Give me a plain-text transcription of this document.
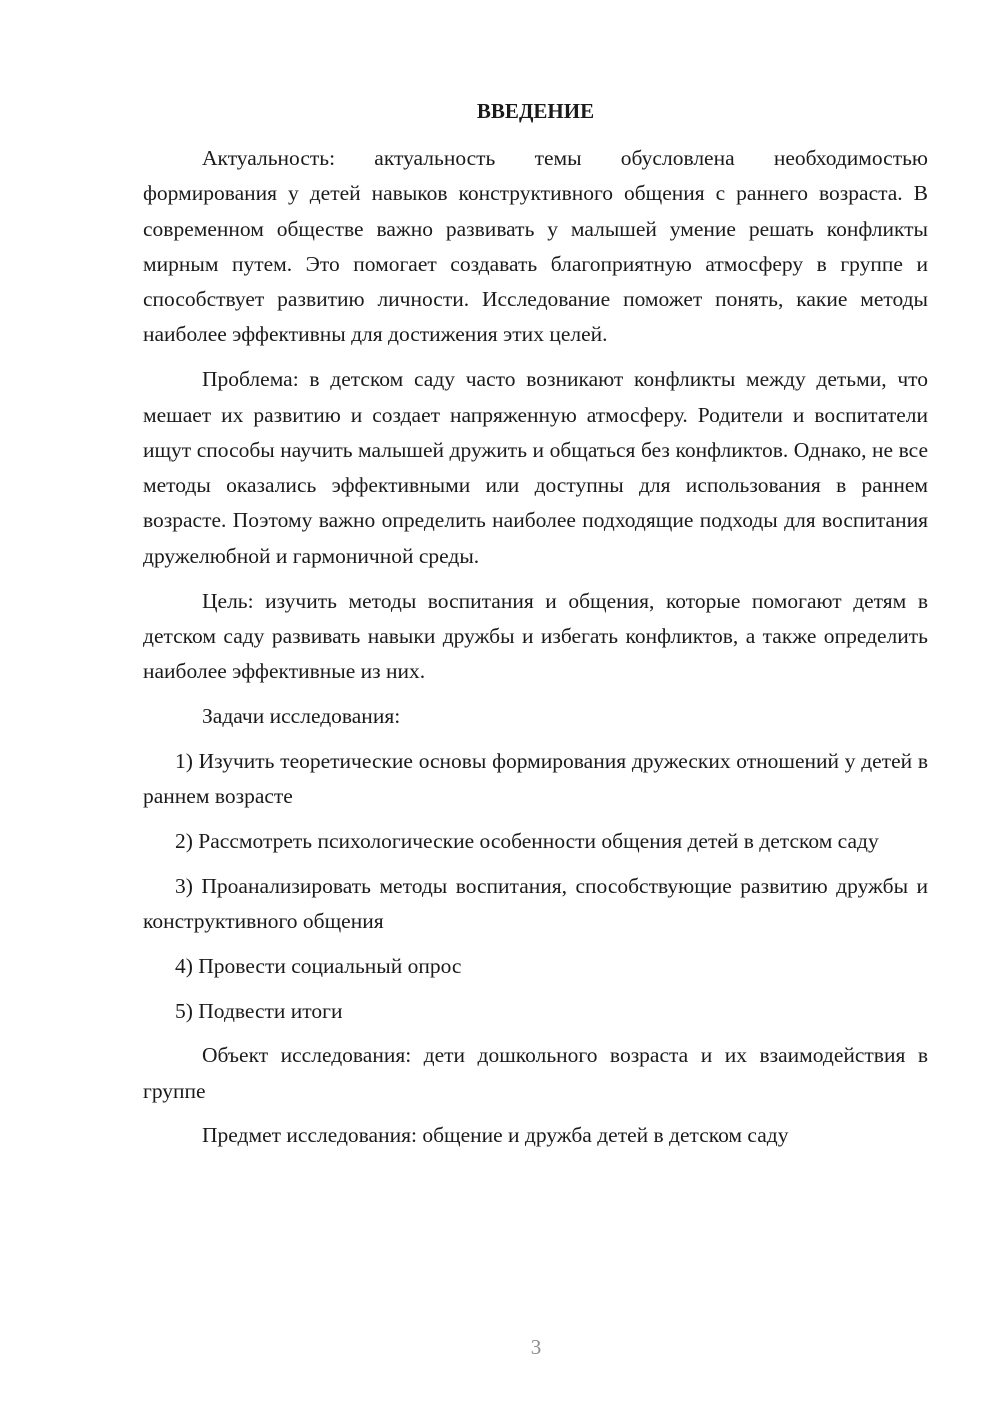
ВВЕДЕНИЕ

Актуальность: актуальность темы обусловлена необходимостью формирования у детей навыков конструктивного общения с раннего возраста. В современном обществе важно развивать у малышей умение решать конфликты мирным путем. Это помогает создавать благоприятную атмосферу в группе и способствует развитию личности. Исследование поможет понять, какие методы наиболее эффективны для достижения этих целей.

Проблема: в детском саду часто возникают конфликты между детьми, что мешает их развитию и создает напряженную атмосферу. Родители и воспитатели ищут способы научить малышей дружить и общаться без конфликтов. Однако, не все методы оказались эффективными или доступны для использования в раннем возрасте. Поэтому важно определить наиболее подходящие подходы для воспитания дружелюбной и гармоничной среды.

Цель: изучить методы воспитания и общения, которые помогают детям в детском саду развивать навыки дружбы и избегать конфликтов, а также определить наиболее эффективные из них.

Задачи исследования:

1) Изучить теоретические основы формирования дружеских отношений у детей в раннем возрасте

2) Рассмотреть психологические особенности общения детей в детском саду

3) Проанализировать методы воспитания, способствующие развитию дружбы и конструктивного общения

4) Провести социальный опрос

5) Подвести итоги

Объект исследования: дети дошкольного возраста и их взаимодействия в группе

Предмет исследования: общение и дружба детей в детском саду

3
